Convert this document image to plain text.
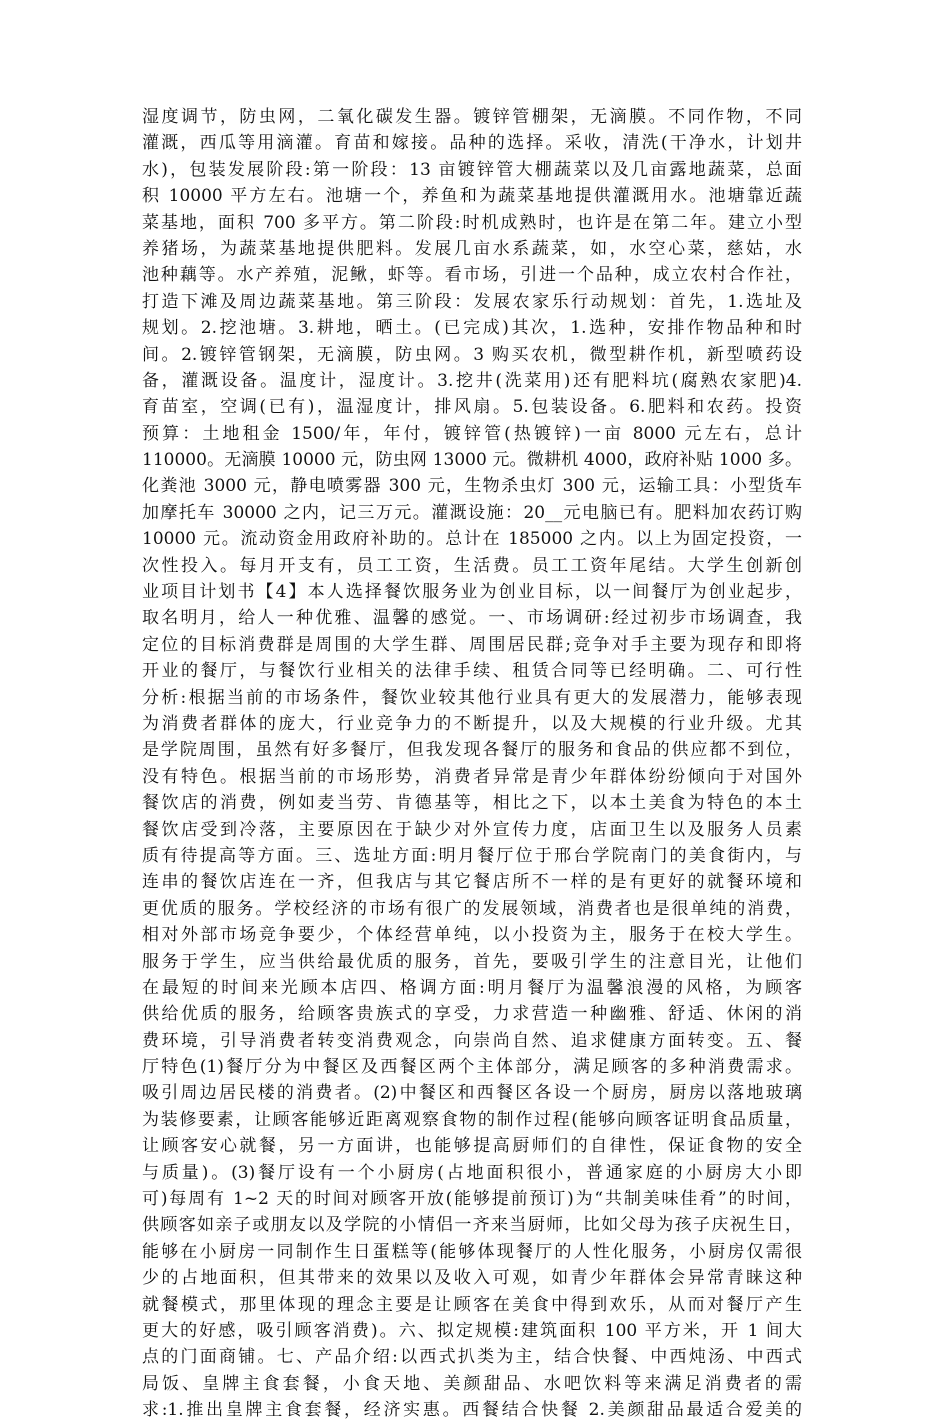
湿度调节，防虫网，二氧化碳发生器。镀锌管棚架，无滴膜。不同作物，不同
灌溉，西瓜等用滴灌。育苗和嫁接。品种的选择。采收，清洗(干净水，计划井
水)，包装发展阶段:第一阶段：13 亩镀锌管大棚蔬菜以及几亩露地蔬菜，总面
积 10000 平方左右。池塘一个，养鱼和为蔬菜基地提供灌溉用水。池塘靠近蔬
菜基地，面积 700 多平方。第二阶段:时机成熟时，也许是在第二年。建立小型
养猪场，为蔬菜基地提供肥料。发展几亩水系蔬菜，如，水空心菜，慈姑，水
池种藕等。水产养殖，泥鳅，虾等。看市场，引进一个品种，成立农村合作社，
打造下滩及周边蔬菜基地。第三阶段：发展农家乐行动规划：首先，1.选址及
规划。2.挖池塘。3.耕地，晒土。(已完成)其次，1.选种，安排作物品种和时
间。2.镀锌管钢架，无滴膜，防虫网。3 购买农机，微型耕作机，新型喷药设
备，灌溉设备。温度计，湿度计。3.挖井(洗菜用)还有肥料坑(腐熟农家肥)4.
育苗室，空调(已有)，温湿度计，排风扇。5.包装设备。6.肥料和农药。投资
预算：土地租金 1500/年，年付，镀锌管(热镀锌)一亩 8000 元左右，总计
110000。无滴膜 10000 元，防虫网 13000 元。微耕机 4000，政府补贴 1000 多。
化粪池 3000 元，静电喷雾器 300 元，生物杀虫灯 300 元，运输工具：小型货车
加摩托车 30000 之内，记三万元。灌溉设施：20__元电脑已有。肥料加农药订购
10000 元。流动资金用政府补助的。总计在 185000 之内。以上为固定投资，一
次性投入。每月开支有，员工工资，生活费。员工工资年尾结。大学生创新创
业项目计划书【4】本人选择餐饮服务业为创业目标，以一间餐厅为创业起步，
取名明月，给人一种优雅、温馨的感觉。一、市场调研:经过初步市场调查，我
定位的目标消费群是周围的大学生群、周围居民群;竞争对手主要为现存和即将
开业的餐厅，与餐饮行业相关的法律手续、租赁合同等已经明确。二、可行性
分析:根据当前的市场条件，餐饮业较其他行业具有更大的发展潜力，能够表现
为消费者群体的庞大，行业竞争力的不断提升，以及大规模的行业升级。尤其
是学院周围，虽然有好多餐厅，但我发现各餐厅的服务和食品的供应都不到位，
没有特色。根据当前的市场形势，消费者异常是青少年群体纷纷倾向于对国外
餐饮店的消费，例如麦当劳、肯德基等，相比之下，以本土美食为特色的本土
餐饮店受到冷落，主要原因在于缺少对外宣传力度，店面卫生以及服务人员素
质有待提高等方面。三、选址方面:明月餐厅位于邢台学院南门的美食街内，与
连串的餐饮店连在一齐，但我店与其它餐店所不一样的是有更好的就餐环境和
更优质的服务。学校经济的市场有很广的发展领域，消费者也是很单纯的消费，
相对外部市场竞争要少，个体经营单纯，以小投资为主，服务于在校大学生。
服务于学生，应当供给最优质的服务，首先，要吸引学生的注意目光，让他们
在最短的时间来光顾本店四、格调方面:明月餐厅为温馨浪漫的风格，为顾客
供给优质的服务，给顾客贵族式的享受，力求营造一种幽雅、舒适、休闲的消
费环境，引导消费者转变消费观念，向崇尚自然、追求健康方面转变。五、餐
厅特色(1)餐厅分为中餐区及西餐区两个主体部分，满足顾客的多种消费需求。
吸引周边居民楼的消费者。(2)中餐区和西餐区各设一个厨房，厨房以落地玻璃
为装修要素，让顾客能够近距离观察食物的制作过程(能够向顾客证明食品质量，
让顾客安心就餐，另一方面讲，也能够提高厨师们的自律性，保证食物的安全
与质量)。(3)餐厅设有一个小厨房(占地面积很小，普通家庭的小厨房大小即
可)每周有 1~2 天的时间对顾客开放(能够提前预订)为“共制美味佳肴”的时间，
供顾客如亲子或朋友以及学院的小情侣一齐来当厨师，比如父母为孩子庆祝生日，
能够在小厨房一同制作生日蛋糕等(能够体现餐厅的人性化服务，小厨房仅需很
少的占地面积，但其带来的效果以及收入可观，如青少年群体会异常青睐这种
就餐模式，那里体现的理念主要是让顾客在美食中得到欢乐，从而对餐厅产生
更大的好感，吸引顾客消费)。六、拟定规模:建筑面积 100 平方米，开 1 间大
点的门面商铺。七、产品介绍:以西式扒类为主，结合快餐、中西炖汤、中西式
局饭、皇牌主食套餐，小食天地、美颜甜品、水吧饮料等来满足消费者的需
求:1.推出皇牌主食套餐，经济实惠。西餐结合快餐 2.美颜甜品最适合爱美的
